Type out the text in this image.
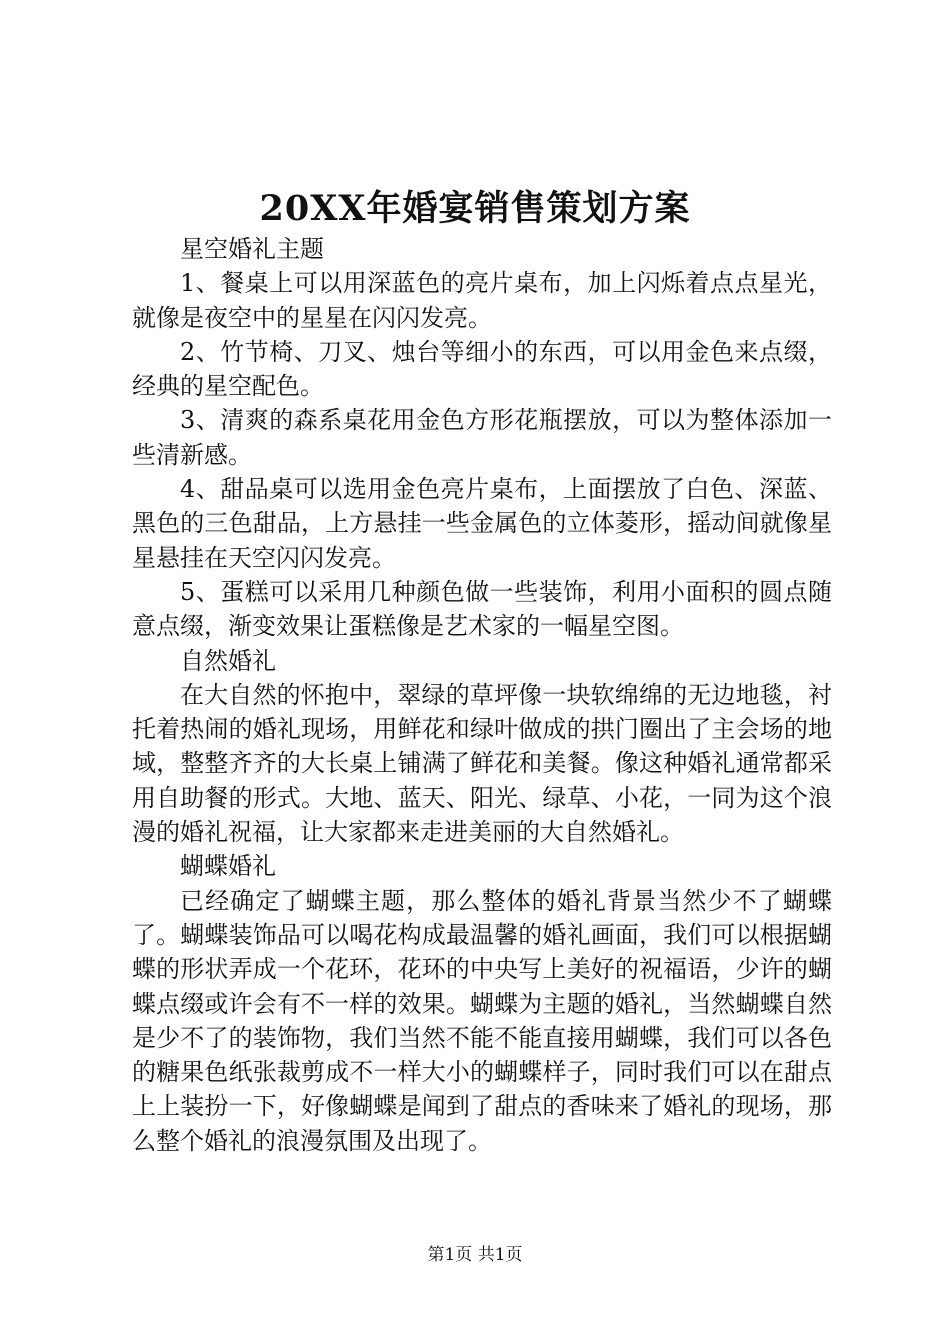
20XX年婚宴销售策划方案

星空婚礼主题

1、餐桌上可以用深蓝色的亮片桌布，加上闪烁着点点星光，就像是夜空中的星星在闪闪发亮。

2、竹节椅、刀叉、烛台等细小的东西，可以用金色来点缀，经典的星空配色。

3、清爽的森系桌花用金色方形花瓶摆放，可以为整体添加一些清新感。

4、甜品桌可以选用金色亮片桌布，上面摆放了白色、深蓝、黑色的三色甜品，上方悬挂一些金属色的立体菱形，摇动间就像星星悬挂在天空闪闪发亮。

5、蛋糕可以采用几种颜色做一些装饰，利用小面积的圆点随意点缀，渐变效果让蛋糕像是艺术家的一幅星空图。

自然婚礼

在大自然的怀抱中，翠绿的草坪像一块软绵绵的无边地毯，衬托着热闹的婚礼现场，用鲜花和绿叶做成的拱门圈出了主会场的地域，整整齐齐的大长桌上铺满了鲜花和美餐。像这种婚礼通常都采用自助餐的形式。大地、蓝天、阳光、绿草、小花，一同为这个浪漫的婚礼祝福，让大家都来走进美丽的大自然婚礼。

蝴蝶婚礼

已经确定了蝴蝶主题，那么整体的婚礼背景当然少不了蝴蝶了。蝴蝶装饰品可以喝花构成最温馨的婚礼画面，我们可以根据蝴蝶的形状弄成一个花环，花环的中央写上美好的祝福语，少许的蝴蝶点缀或许会有不一样的效果。蝴蝶为主题的婚礼，当然蝴蝶自然是少不了的装饰物，我们当然不能不能直接用蝴蝶，我们可以各色的糖果色纸张裁剪成不一样大小的蝴蝶样子，同时我们可以在甜点上上装扮一下，好像蝴蝶是闻到了甜点的香味来了婚礼的现场，那么整个婚礼的浪漫氛围及出现了。

第1页 共1页
